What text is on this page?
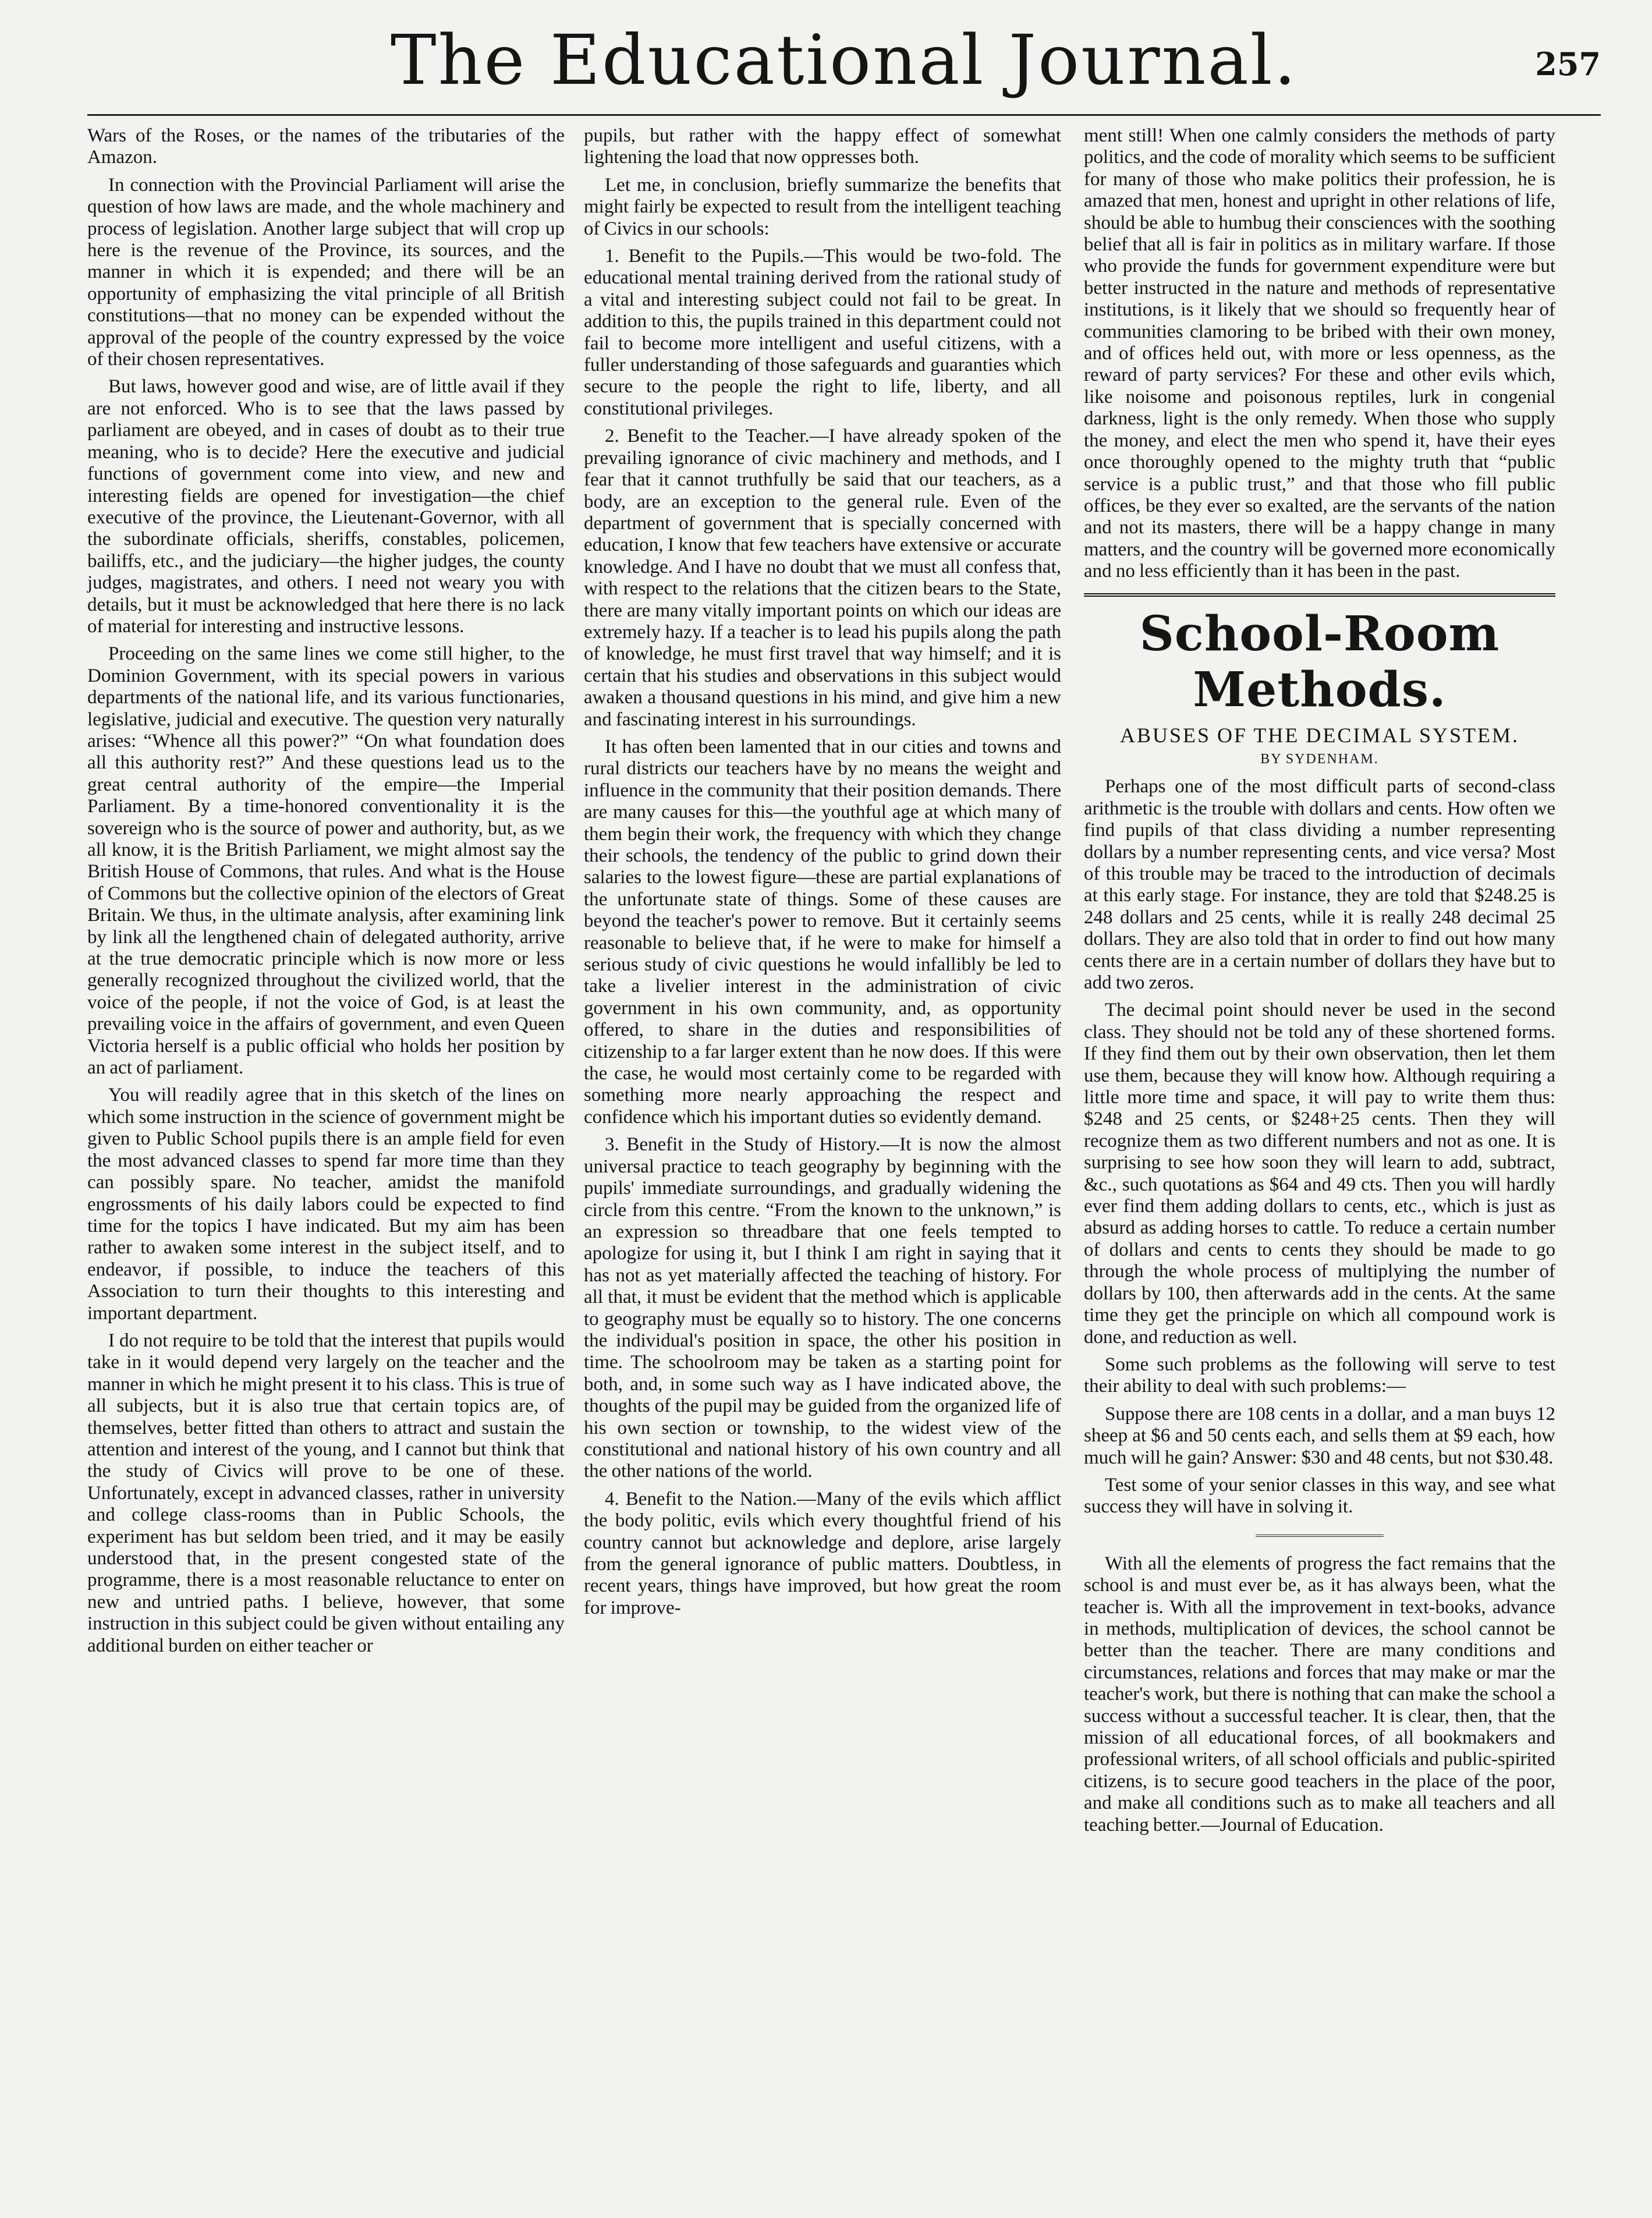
The Educational Journal.	257

Wars of the Roses, or the names of the tributaries of the Amazon.

In connection with the Provincial Parliament will arise the question of how laws are made, and the whole machinery and process of legislation. Another large subject that will crop up here is the revenue of the Province, its sources, and the manner in which it is expended; and there will be an opportunity of emphasizing the vital principle of all British constitutions—that no money can be expended without the approval of the people of the country expressed by the voice of their chosen representatives.

But laws, however good and wise, are of little avail if they are not enforced. Who is to see that the laws passed by parliament are obeyed, and in cases of doubt as to their true meaning, who is to decide? Here the executive and judicial functions of government come into view, and new and interesting fields are opened for investigation—the chief executive of the province, the Lieutenant-Governor, with all the subordinate officials, sheriffs, constables, policemen, bailiffs, etc., and the judiciary—the higher judges, the county judges, magistrates, and others. I need not weary you with details, but it must be acknowledged that here there is no lack of material for interesting and instructive lessons.

Proceeding on the same lines we come still higher, to the Dominion Government, with its special powers in various departments of the national life, and its various functionaries, legislative, judicial and executive. The question very naturally arises: “Whence all this power?” “On what foundation does all this authority rest?” And these questions lead us to the great central authority of the empire—the Imperial Parliament. By a time-honored conventionality it is the sovereign who is the source of power and authority, but, as we all know, it is the British Parliament, we might almost say the British House of Commons, that rules. And what is the House of Commons but the collective opinion of the electors of Great Britain. We thus, in the ultimate analysis, after examining link by link all the lengthened chain of delegated authority, arrive at the true democratic principle which is now more or less generally recognized throughout the civilized world, that the voice of the people, if not the voice of God, is at least the prevailing voice in the affairs of government, and even Queen Victoria herself is a public official who holds her position by an act of parliament.

You will readily agree that in this sketch of the lines on which some instruction in the science of government might be given to Public School pupils there is an ample field for even the most advanced classes to spend far more time than they can possibly spare. No teacher, amidst the manifold engrossments of his daily labors could be expected to find time for the topics I have indicated. But my aim has been rather to awaken some interest in the subject itself, and to endeavor, if possible, to induce the teachers of this Association to turn their thoughts to this interesting and important department.

I do not require to be told that the interest that pupils would take in it would depend very largely on the teacher and the manner in which he might present it to his class. This is true of all subjects, but it is also true that certain topics are, of themselves, better fitted than others to attract and sustain the attention and interest of the young, and I cannot but think that the study of Civics will prove to be one of these. Unfortunately, except in advanced classes, rather in university and college class-rooms than in Public Schools, the experiment has but seldom been tried, and it may be easily understood that, in the present congested state of the programme, there is a most reasonable reluctance to enter on new and untried paths. I believe, however, that some instruction in this subject could be given without entailing any additional burden on either teacher or

pupils, but rather with the happy effect of somewhat lightening the load that now oppresses both.

Let me, in conclusion, briefly summarize the benefits that might fairly be expected to result from the intelligent teaching of Civics in our schools:

1. Benefit to the Pupils.—This would be two-fold. The educational mental training derived from the rational study of a vital and interesting subject could not fail to be great. In addition to this, the pupils trained in this department could not fail to become more intelligent and useful citizens, with a fuller understanding of those safeguards and guaranties which secure to the people the right to life, liberty, and all constitutional privileges.

2. Benefit to the Teacher.—I have already spoken of the prevailing ignorance of civic machinery and methods, and I fear that it cannot truthfully be said that our teachers, as a body, are an exception to the general rule. Even of the department of government that is specially concerned with education, I know that few teachers have extensive or accurate knowledge. And I have no doubt that we must all confess that, with respect to the relations that the citizen bears to the State, there are many vitally important points on which our ideas are extremely hazy. If a teacher is to lead his pupils along the path of knowledge, he must first travel that way himself; and it is certain that his studies and observations in this subject would awaken a thousand questions in his mind, and give him a new and fascinating interest in his surroundings.

It has often been lamented that in our cities and towns and rural districts our teachers have by no means the weight and influence in the community that their position demands. There are many causes for this—the youthful age at which many of them begin their work, the frequency with which they change their schools, the tendency of the public to grind down their salaries to the lowest figure—these are partial explanations of the unfortunate state of things. Some of these causes are beyond the teacher's power to remove. But it certainly seems reasonable to believe that, if he were to make for himself a serious study of civic questions he would infallibly be led to take a livelier interest in the administration of civic government in his own community, and, as opportunity offered, to share in the duties and responsibilities of citizenship to a far larger extent than he now does. If this were the case, he would most certainly come to be regarded with something more nearly approaching the respect and confidence which his important duties so evidently demand.

3. Benefit in the Study of History.—It is now the almost universal practice to teach geography by beginning with the pupils' immediate surroundings, and gradually widening the circle from this centre. “From the known to the unknown,” is an expression so threadbare that one feels tempted to apologize for using it, but I think I am right in saying that it has not as yet materially affected the teaching of history. For all that, it must be evident that the method which is applicable to geography must be equally so to history. The one concerns the individual's position in space, the other his position in time. The schoolroom may be taken as a starting point for both, and, in some such way as I have indicated above, the thoughts of the pupil may be guided from the organized life of his own section or township, to the widest view of the constitutional and national history of his own country and all the other nations of the world.

4. Benefit to the Nation.—Many of the evils which afflict the body politic, evils which every thoughtful friend of his country cannot but acknowledge and deplore, arise largely from the general ignorance of public matters. Doubtless, in recent years, things have improved, but how great the room for improve-

ment still! When one calmly considers the methods of party politics, and the code of morality which seems to be sufficient for many of those who make politics their profession, he is amazed that men, honest and upright in other relations of life, should be able to humbug their consciences with the soothing belief that all is fair in politics as in military warfare. If those who provide the funds for government expenditure were but better instructed in the nature and methods of representative institutions, is it likely that we should so frequently hear of communities clamoring to be bribed with their own money, and of offices held out, with more or less openness, as the reward of party services? For these and other evils which, like noisome and poisonous reptiles, lurk in congenial darkness, light is the only remedy. When those who supply the money, and elect the men who spend it, have their eyes once thoroughly opened to the mighty truth that “public service is a public trust,” and that those who fill public offices, be they ever so exalted, are the servants of the nation and not its masters, there will be a happy change in many matters, and the country will be governed more economically and no less efficiently than it has been in the past.

School-Room Methods.
ABUSES OF THE DECIMAL SYSTEM.
BY SYDENHAM.

Perhaps one of the most difficult parts of second-class arithmetic is the trouble with dollars and cents. How often we find pupils of that class dividing a number representing dollars by a number representing cents, and vice versa? Most of this trouble may be traced to the introduction of decimals at this early stage. For instance, they are told that $248.25 is 248 dollars and 25 cents, while it is really 248 decimal 25 dollars. They are also told that in order to find out how many cents there are in a certain number of dollars they have but to add two zeros.

The decimal point should never be used in the second class. They should not be told any of these shortened forms. If they find them out by their own observation, then let them use them, because they will know how. Although requiring a little more time and space, it will pay to write them thus: $248 and 25 cents, or $248+25 cents. Then they will recognize them as two different numbers and not as one. It is surprising to see how soon they will learn to add, subtract, &c., such quotations as $64 and 49 cts. Then you will hardly ever find them adding dollars to cents, etc., which is just as absurd as adding horses to cattle. To reduce a certain number of dollars and cents to cents they should be made to go through the whole process of multiplying the number of dollars by 100, then afterwards add in the cents. At the same time they get the principle on which all compound work is done, and reduction as well.

Some such problems as the following will serve to test their ability to deal with such problems:—

Suppose there are 108 cents in a dollar, and a man buys 12 sheep at $6 and 50 cents each, and sells them at $9 each, how much will he gain? Answer: $30 and 48 cents, but not $30.48.

Test some of your senior classes in this way, and see what success they will have in solving it.

With all the elements of progress the fact remains that the school is and must ever be, as it has always been, what the teacher is. With all the improvement in text-books, advance in methods, multiplication of devices, the school cannot be better than the teacher. There are many conditions and circumstances, relations and forces that may make or mar the teacher's work, but there is nothing that can make the school a success without a successful teacher. It is clear, then, that the mission of all educational forces, of all bookmakers and professional writers, of all school officials and public-spirited citizens, is to secure good teachers in the place of the poor, and make all conditions such as to make all teachers and all teaching better.—Journal of Education.
